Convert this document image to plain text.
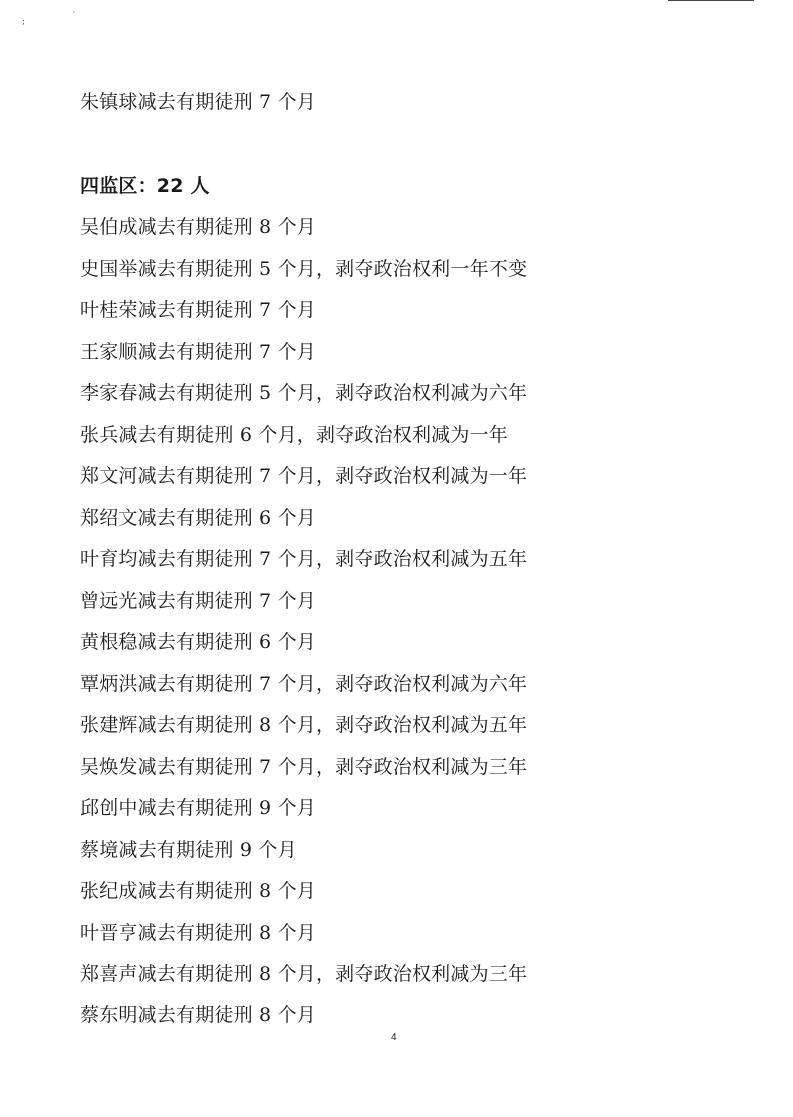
;	`
朱镇球减去有期徒刑 7 个月
四监区：22 人
吴伯成减去有期徒刑 8 个月
史国举减去有期徒刑 5 个月，剥夺政治权利一年不变
叶桂荣减去有期徒刑 7 个月
王家顺减去有期徒刑 7 个月
李家春减去有期徒刑 5 个月，剥夺政治权利减为六年
张兵减去有期徒刑 6 个月，剥夺政治权利减为一年
郑文河减去有期徒刑 7 个月，剥夺政治权利减为一年
郑绍文减去有期徒刑 6 个月
叶育均减去有期徒刑 7 个月，剥夺政治权利减为五年
曾远光减去有期徒刑 7 个月
黄根稳减去有期徒刑 6 个月
覃炳洪减去有期徒刑 7 个月，剥夺政治权利减为六年
张建辉减去有期徒刑 8 个月，剥夺政治权利减为五年
吴焕发减去有期徒刑 7 个月，剥夺政治权利减为三年
邱创中减去有期徒刑 9 个月
蔡境减去有期徒刑 9 个月
张纪成减去有期徒刑 8 个月
叶晋亨减去有期徒刑 8 个月
郑喜声减去有期徒刑 8 个月，剥夺政治权利减为三年
蔡东明减去有期徒刑 8 个月
4
